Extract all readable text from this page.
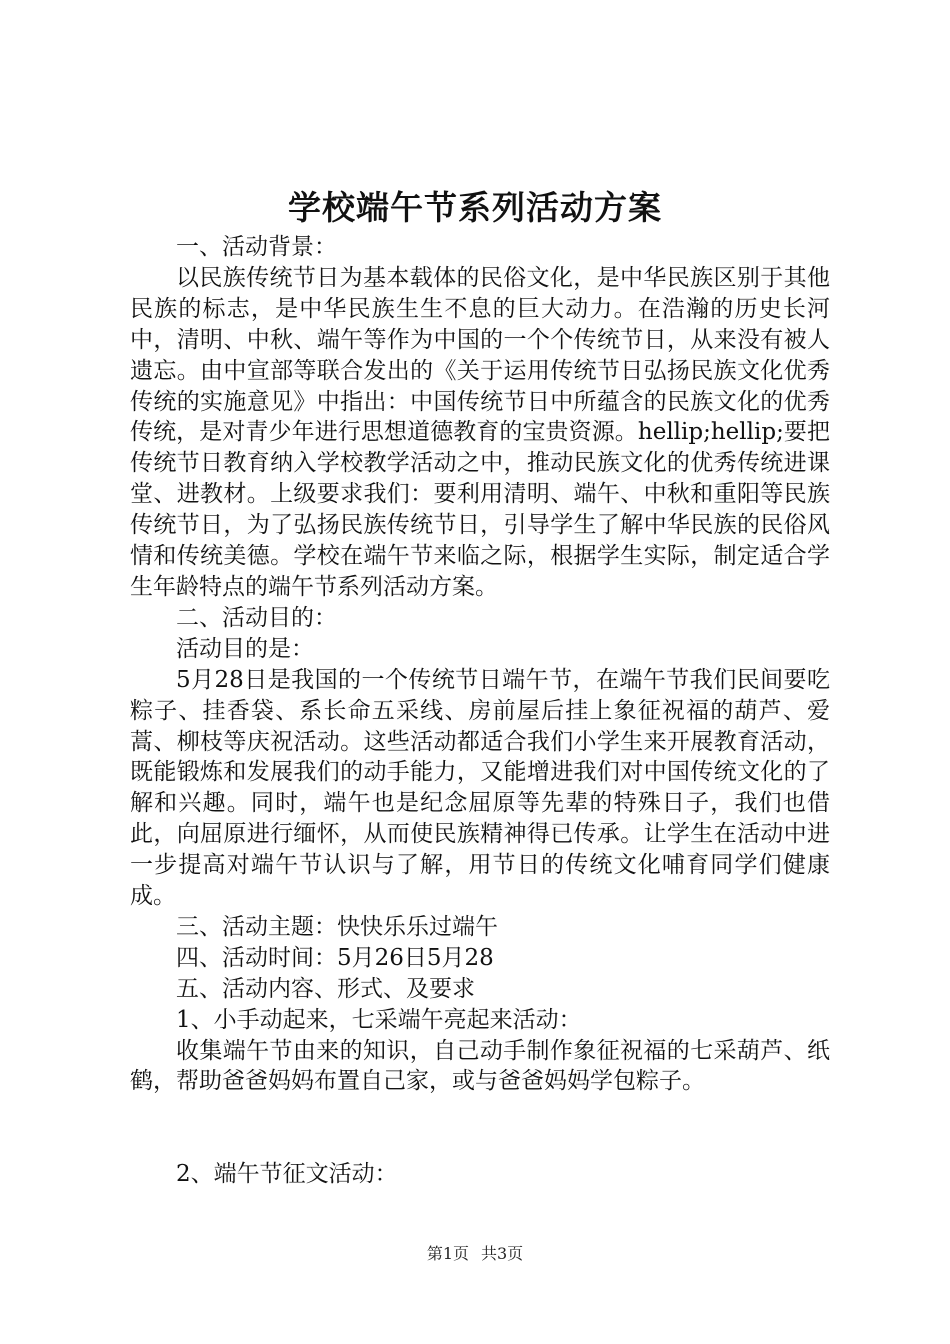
学校端午节系列活动方案

一、活动背景：

以民族传统节日为基本载体的民俗文化，是中华民族区别于其他民族的标志，是中华民族生生不息的巨大动力。在浩瀚的历史长河中，清明、中秋、端午等作为中国的一个个传统节日，从来没有被人遗忘。由中宣部等联合发出的《关于运用传统节日弘扬民族文化优秀传统的实施意见》中指出：中国传统节日中所蕴含的民族文化的优秀传统，是对青少年进行思想道德教育的宝贵资源。hellip;hellip;要把传统节日教育纳入学校教学活动之中，推动民族文化的优秀传统进课堂、进教材。上级要求我们：要利用清明、端午、中秋和重阳等民族传统节日，为了弘扬民族传统节日，引导学生了解中华民族的民俗风情和传统美德。学校在端午节来临之际，根据学生实际，制定适合学生年龄特点的端午节系列活动方案。

二、活动目的：

活动目的是：

5月28日是我国的一个传统节日端午节，在端午节我们民间要吃粽子、挂香袋、系长命五采线、房前屋后挂上象征祝福的葫芦、爱蒿、柳枝等庆祝活动。这些活动都适合我们小学生来开展教育活动，既能锻炼和发展我们的动手能力，又能增进我们对中国传统文化的了解和兴趣。同时，端午也是纪念屈原等先辈的特殊日子，我们也借此，向屈原进行缅怀，从而使民族精神得已传承。让学生在活动中进一步提高对端午节认识与了解，用节日的传统文化哺育同学们健康成。

三、活动主题：快快乐乐过端午

四、活动时间：5月26日5月28

五、活动内容、形式、及要求

1、小手动起来，七采端午亮起来活动：

收集端午节由来的知识，自己动手制作象征祝福的七采葫芦、纸鹤，帮助爸爸妈妈布置自己家，或与爸爸妈妈学包粽子。

2、端午节征文活动：

第1页 共3页
